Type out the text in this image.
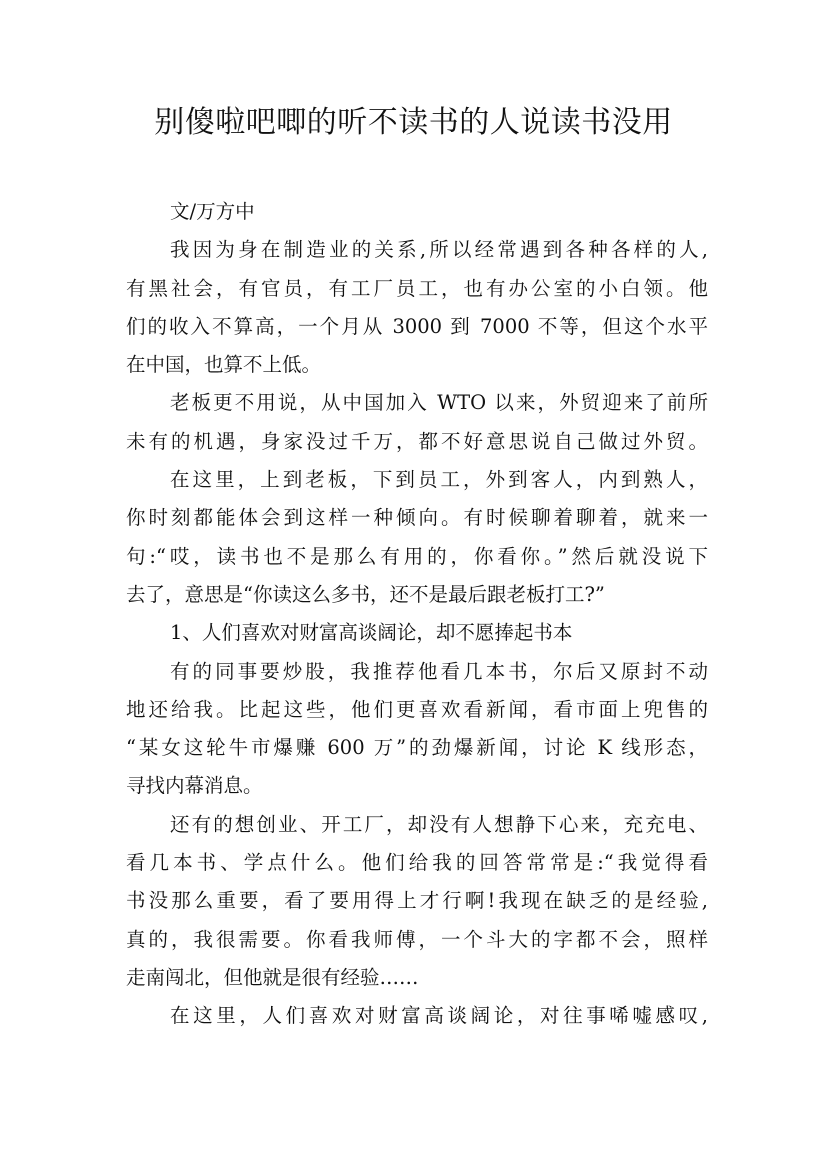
别傻啦吧唧的听不读书的人说读书没用
文/万方中
我因为身在制造业的关系,所以经常遇到各种各样的人,
有黑社会，有官员，有工厂员工，也有办公室的小白领。他
们的收入不算高，一个月从 3000 到 7000 不等，但这个水平
在中国，也算不上低。
老板更不用说，从中国加入 WTO 以来，外贸迎来了前所
未有的机遇，身家没过千万，都不好意思说自己做过外贸。
在这里，上到老板，下到员工，外到客人，内到熟人，
你时刻都能体会到这样一种倾向。有时候聊着聊着，就来一
句:“哎，读书也不是那么有用的，你看你。”然后就没说下
去了，意思是“你读这么多书，还不是最后跟老板打工?”
1、人们喜欢对财富高谈阔论，却不愿捧起书本
有的同事要炒股，我推荐他看几本书，尔后又原封不动
地还给我。比起这些，他们更喜欢看新闻，看市面上兜售的
“某女这轮牛市爆赚 600 万”的劲爆新闻，讨论 K 线形态，
寻找内幕消息。
还有的想创业、开工厂，却没有人想静下心来，充充电、
看几本书、学点什么。他们给我的回答常常是:“我觉得看
书没那么重要，看了要用得上才行啊!我现在缺乏的是经验,
真的，我很需要。你看我师傅，一个斗大的字都不会，照样
走南闯北，但他就是很有经验……
在这里，人们喜欢对财富高谈阔论，对往事唏嘘感叹,
